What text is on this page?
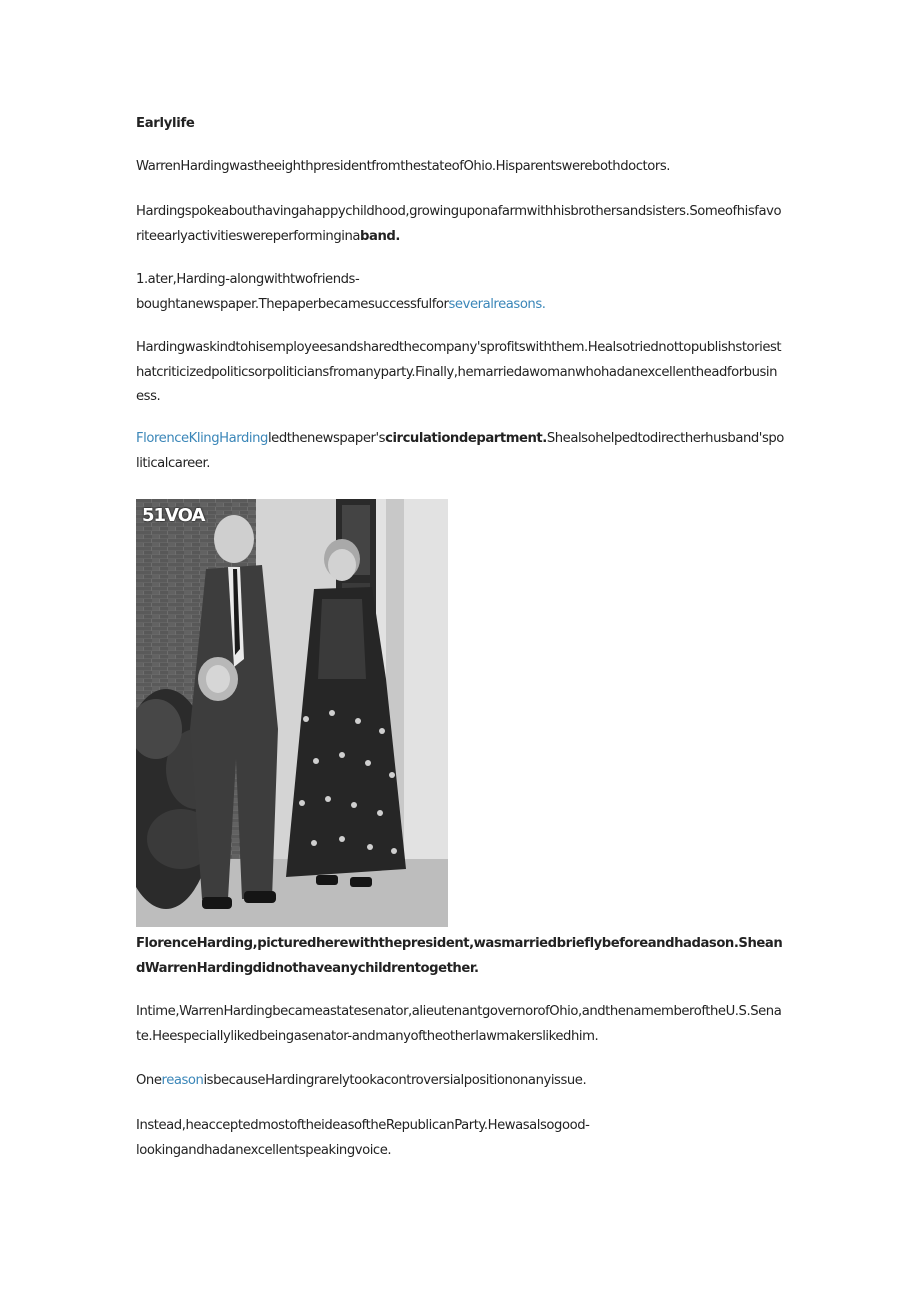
Earlylife

WarrenHardingwastheeighthpresidentfromthestateofOhio.Hisparentswerebothdoctors.

Hardingspokeabouthavingahappychildhood,growinguponafarmwithhisbrothersandsisters.Someofhisfavoriteearlyactivitieswereperforminginаband.

1.ater,Harding-alongwithtwofriends-
boughtanewspaper.Thepaperbecamesuccessfulforseveralreasons.

Hardingwaskindtohisemployeesandsharedthecompany'sprofitswiththem.Healsotriednottopublishstoriesthatcriticizedpoliticsorpoliticiansfromanyparty.Finally,hemarriedawomanwhohadanexcellentheadforbusiness.

FlorenceKlingHardingledthenewspaper'scirculationdepartment.Shealsohelpedtodirectherhusband'spoliticalcareer.

51VOA

FlorenceHarding,picturedherewiththepresident,wasmarriedbrieflybeforeandhadason.SheandWarrenHardingdidnothaveanychildrentogether.

Intime,WarrenHardingbecameastatesenator,alieutenantgovernorofOhio,andthenamemberoftheU.S.Senate.Heespeciallylikedbeingasenator-andmanyoftheotherlawmakerslikedhim.

OnereasonisbecauseHardingrarelytookacontroversialpositiononanyissue.

Instead,heacceptedmostoftheideasoftheRepublicanParty.Hewasalsogood-
lookingandhadanexcellentspeakingvoice.
